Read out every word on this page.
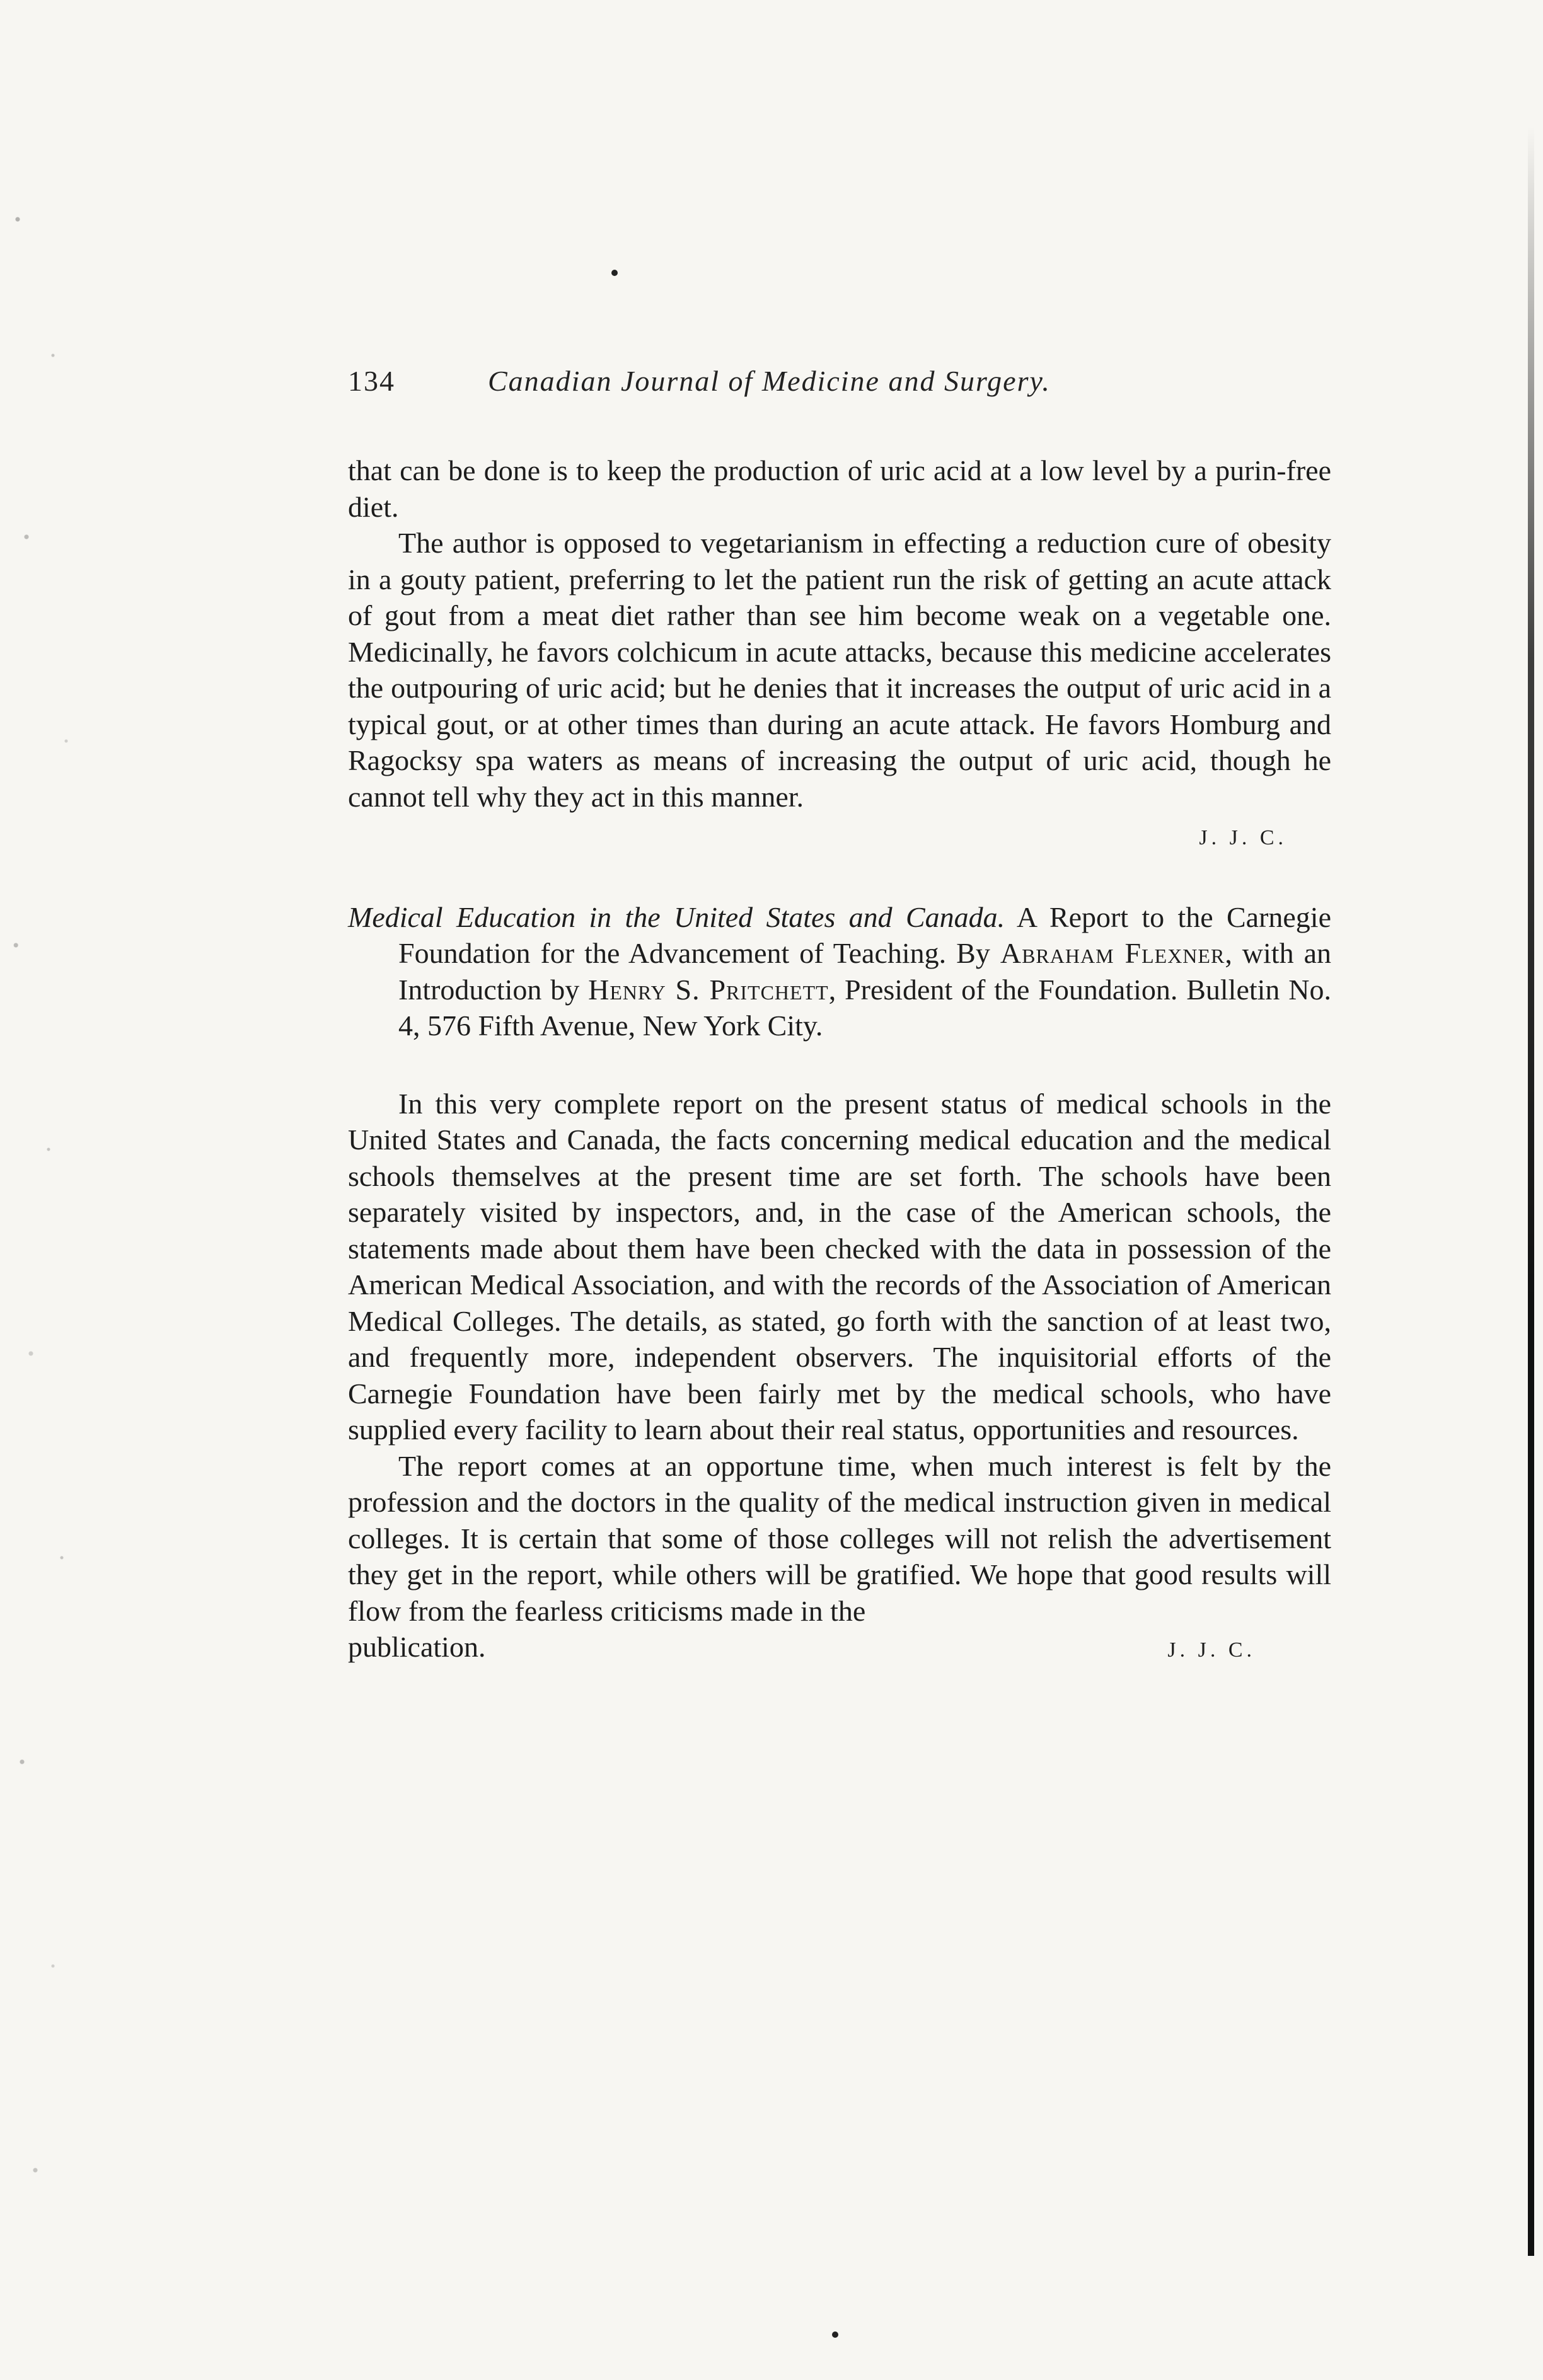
134	Canadian Journal of Medicine and Surgery.

that can be done is to keep the production of uric acid at a low level by a purin-free diet.

The author is opposed to vegetarianism in effecting a reduction cure of obesity in a gouty patient, preferring to let the patient run the risk of getting an acute attack of gout from a meat diet rather than see him become weak on a vegetable one. Medicinally, he favors colchicum in acute attacks, because this medicine accelerates the outpouring of uric acid; but he denies that it increases the output of uric acid in a typical gout, or at other times than during an acute attack. He favors Homburg and Ragocksy spa waters as means of increasing the output of uric acid, though he cannot tell why they act in this manner.

J. J. C.

Medical Education in the United States and Canada. A Report to the Carnegie Foundation for the Advancement of Teaching. By Abraham Flexner, with an Introduction by Henry S. Pritchett, President of the Foundation. Bulletin No. 4, 576 Fifth Avenue, New York City.

In this very complete report on the present status of medical schools in the United States and Canada, the facts concerning medical education and the medical schools themselves at the present time are set forth. The schools have been separately visited by inspectors, and, in the case of the American schools, the statements made about them have been checked with the data in possession of the American Medical Association, and with the records of the Association of American Medical Colleges. The details, as stated, go forth with the sanction of at least two, and frequently more, independent observers. The inquisitorial efforts of the Carnegie Foundation have been fairly met by the medical schools, who have supplied every facility to learn about their real status, opportunities and resources.

The report comes at an opportune time, when much interest is felt by the profession and the doctors in the quality of the medical instruction given in medical colleges. It is certain that some of those colleges will not relish the advertisement they get in the report, while others will be gratified. We hope that good results will flow from the fearless criticisms made in the

publication.	J. J. C.
